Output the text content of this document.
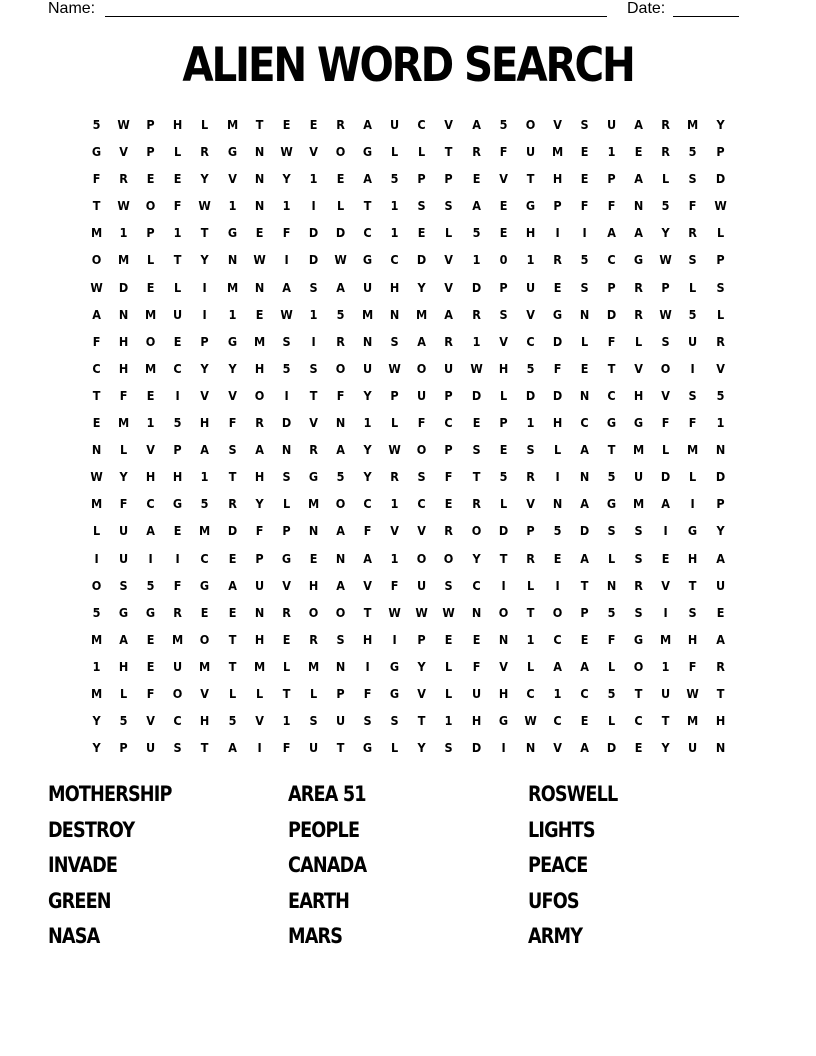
Name:	Date:
ALIEN WORD SEARCH
5	W	P	H	L	M	T	E	E	R	A	U	C	V	A	5	O	V	S	U	A	R	M	Y
G	V	P	L	R	G	N	W	V	O	G	L	L	T	R	F	U	M	E	1	E	R	5	P
F	R	E	E	Y	V	N	Y	1	E	A	5	P	P	E	V	T	H	E	P	A	L	S	D
T	W	O	F	W	1	N	1	I	L	T	1	S	S	A	E	G	P	F	F	N	5	F	W
M	1	P	1	T	G	E	F	D	D	C	1	E	L	5	E	H	I	I	A	A	Y	R	L
O	M	L	T	Y	N	W	I	D	W	G	C	D	V	1	0	1	R	5	C	G	W	S	P
W	D	E	L	I	M	N	A	S	A	U	H	Y	V	D	P	U	E	S	P	R	P	L	S
A	N	M	U	I	1	E	W	1	5	M	N	M	A	R	S	V	G	N	D	R	W	5	L
F	H	O	E	P	G	M	S	I	R	N	S	A	R	1	V	C	D	L	F	L	S	U	R
C	H	M	C	Y	Y	H	5	S	O	U	W	O	U	W	H	5	F	E	T	V	O	I	V
T	F	E	I	V	V	O	I	T	F	Y	P	U	P	D	L	D	D	N	C	H	V	S	5
E	M	1	5	H	F	R	D	V	N	1	L	F	C	E	P	1	H	C	G	G	F	F	1
N	L	V	P	A	S	A	N	R	A	Y	W	O	P	S	E	S	L	A	T	M	L	M	N
W	Y	H	H	1	T	H	S	G	5	Y	R	S	F	T	5	R	I	N	5	U	D	L	D
M	F	C	G	5	R	Y	L	M	O	C	1	C	E	R	L	V	N	A	G	M	A	I	P
L	U	A	E	M	D	F	P	N	A	F	V	V	R	O	D	P	5	D	S	S	I	G	Y
I	U	I	I	C	E	P	G	E	N	A	1	O	O	Y	T	R	E	A	L	S	E	H	A
O	S	5	F	G	A	U	V	H	A	V	F	U	S	C	I	L	I	T	N	R	V	T	U
5	G	G	R	E	E	N	R	O	O	T	W	W	W	N	O	T	O	P	5	S	I	S	E
M	A	E	M	O	T	H	E	R	S	H	I	P	E	E	N	1	C	E	F	G	M	H	A
1	H	E	U	M	T	M	L	M	N	I	G	Y	L	F	V	L	A	A	L	O	1	F	R
M	L	F	O	V	L	L	T	L	P	F	G	V	L	U	H	C	1	C	5	T	U	W	T
Y	5	V	C	H	5	V	1	S	U	S	S	T	1	H	G	W	C	E	L	C	T	M	H
Y	P	U	S	T	A	I	F	U	T	G	L	Y	S	D	I	N	V	A	D	E	Y	U	N
MOTHERSHIP	AREA 51	ROSWELL
DESTROY	PEOPLE	LIGHTS
INVADE	CANADA	PEACE
GREEN	EARTH	UFOS
NASA	MARS	ARMY
